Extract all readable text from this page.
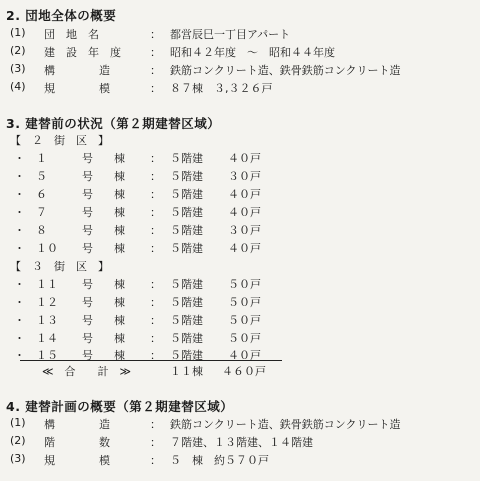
2. 団地全体の概要
(1) 団　地　名	： 都営辰巳一丁目アパート
(2) 建　設　年　度	： 昭和４２年度　～　昭和４４年度
(3) 構　　　　造	： 鉄筋コンクリート造、鉄骨鉄筋コンクリート造
(4) 規　　　　模	： ８７棟　３,３２６戸
3. 建替前の状況（第２期建替区域）
【　２　街　区　】
・ １	号 棟 ： ５階建 ４０戸
・ ５	号 棟 ： ５階建 ３０戸
・ ６	号 棟 ： ５階建 ４０戸
・ ７	号 棟 ： ５階建 ４０戸
・ ８	号 棟 ： ５階建 ３０戸
・ １０ 号 棟 ： ５階建 ４０戸
【　３　街　区　】
・ １１ 号 棟 ： ５階建 ５０戸
・ １２ 号 棟 ： ５階建 ５０戸
・ １３ 号 棟 ： ５階建 ５０戸
・ １４ 号 棟 ： ５階建 ５０戸
・ １５ 号 棟 ： ５階建 ４０戸
≪　合　　計　≫	１１棟 ４６０戸
4. 建替計画の概要（第２期建替区域）
(1) 構　　　　造	： 鉄筋コンクリート造、鉄骨鉄筋コンクリート造
(2) 階　　　　数	： ７階建、１３階建、１４階建
(3) 規　　　　模	： ５　棟　約５７０戸
